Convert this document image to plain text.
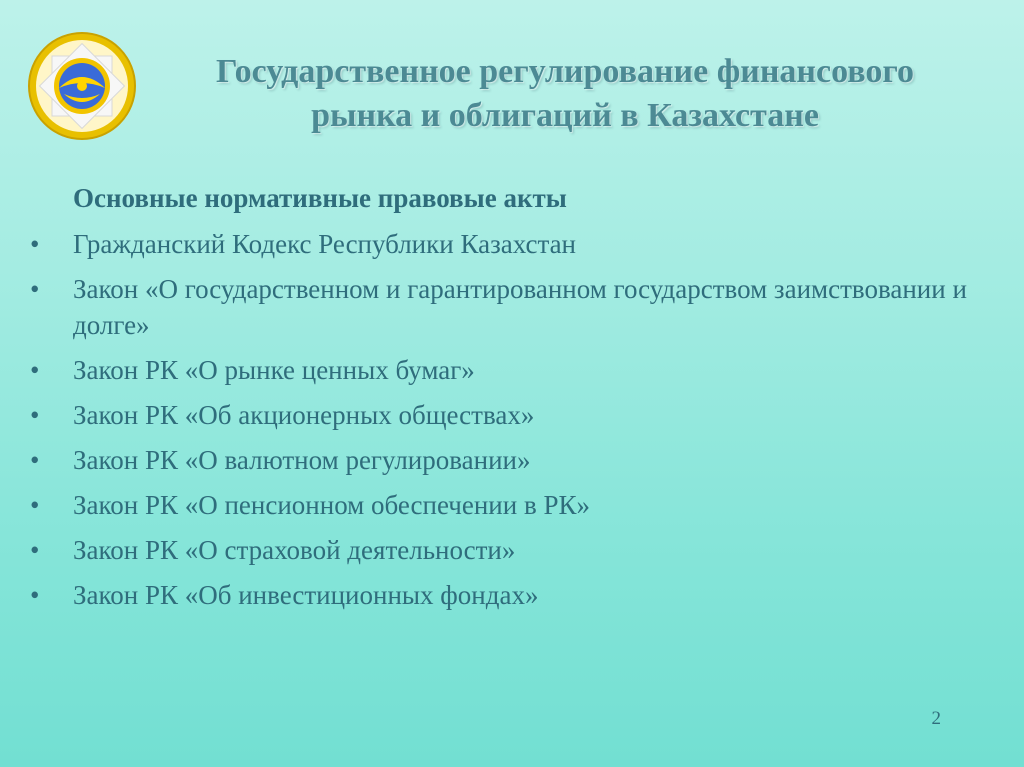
Государственное регулирование финансового
рынка и облигаций в Казахстане
Основные нормативные правовые акты
•	Гражданский Кодекс Республики Казахстан
•	Закон «О государственном и гарантированном государством заимствовании и долге»
•	Закон РК «О рынке ценных бумаг»
•	Закон РК «Об акционерных обществах»
•	Закон РК «О валютном регулировании»
•	Закон РК «О пенсионном обеспечении в РК»
•	Закон РК «О страховой деятельности»
•	Закон РК «Об инвестиционных фондах»
2
